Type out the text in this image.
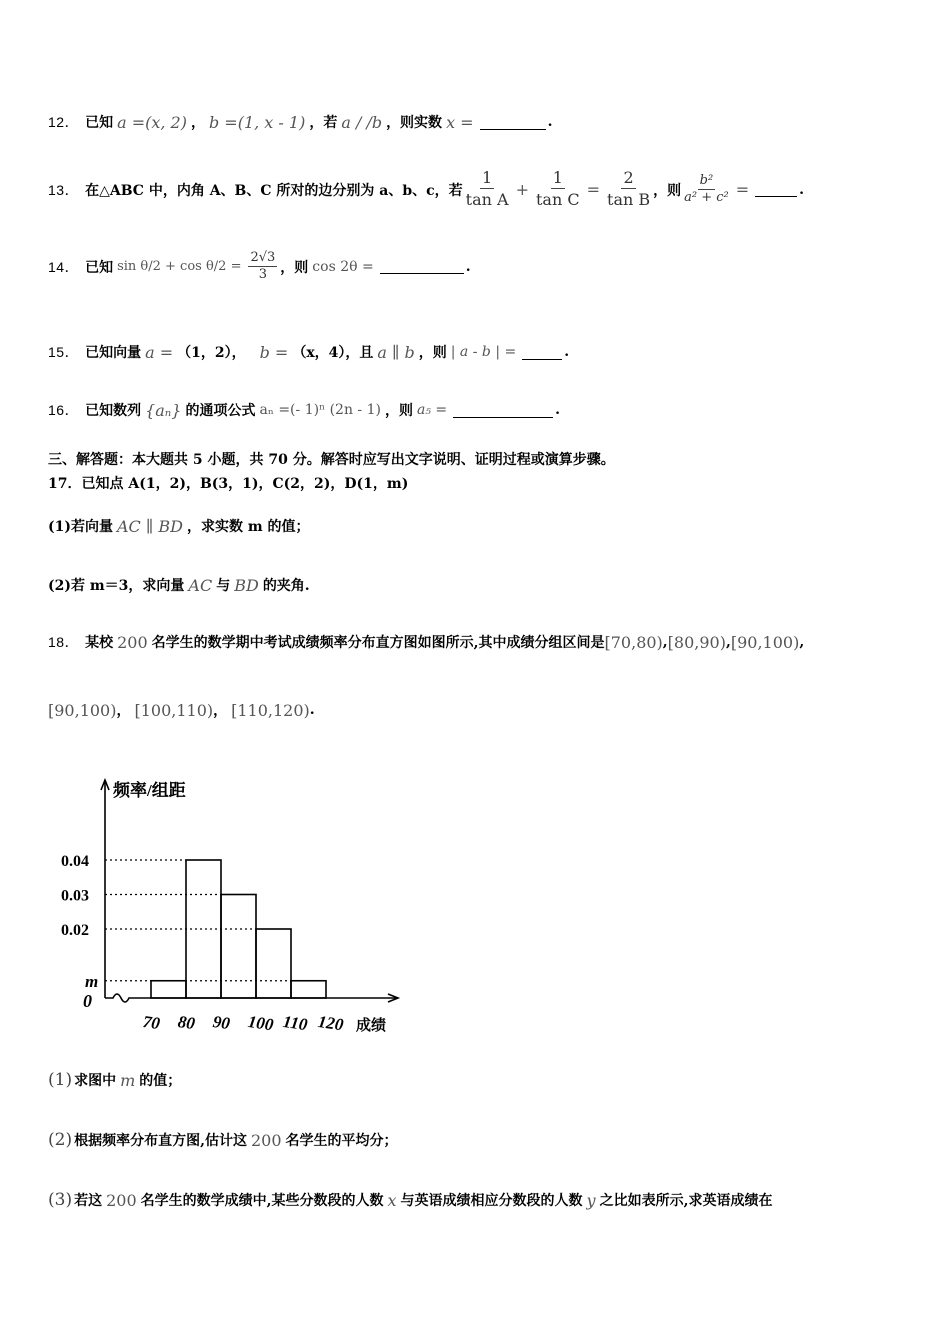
12． 已知 a =(x, 2) ， b =(1, x - 1) ，若 a / /b ，则实数 x =	.
13． 在△ABC 中，内角 A、B、C 所对的边分别为 a、b、c，若 $\frac{1}{\text{tan A}} + \frac{1}{\text{tan C}} = \frac{2}{\text{tan B}}$ ，则 $\frac{\text{b²}}{\text{a² + c²}}$ =	.
14． 已知 $\sin \theta/2 + \cos \theta/2 = \frac{2√3}{3}$ ，则 cos 2θ =	.
15． 已知向量 a = （1，2）， b = （x，4），且 a ∥ b ，则 | a - b | =	.
16． 已知数列 {aₙ} 的通项公式 aₙ =(- 1)ⁿ (2n - 1) ，则 a₅ =	.
三、解答题：本大题共 5 小题，共 70 分。解答时应写出文字说明、证明过程或演算步骤。
17．已知点 A(1，2)，B(3，1)，C(2，2)，D(1，m)
(1)若向量 AC ∥ BD ，求实数 m 的值；
(2)若 m＝3，求向量 AC 与 BD 的夹角.
18． 某校 200 名学生的数学期中考试成绩频率分布直方图如图所示,其中成绩分组区间是 [70,80) , [80,90) , [90,100) ,
[90,100) ， [100,110) ， [110,120) .
频率/组距
成绩
0
0.04
0.03
0.02
m
70 80 90 100 110 120
(1) 求图中 m 的值；
(2) 根据频率分布直方图,估计这 200 名学生的平均分；
(3) 若这 200 名学生的数学成绩中,某些分数段的人数 x 与英语成绩相应分数段的人数 y 之比如表所示,求英语成绩在
